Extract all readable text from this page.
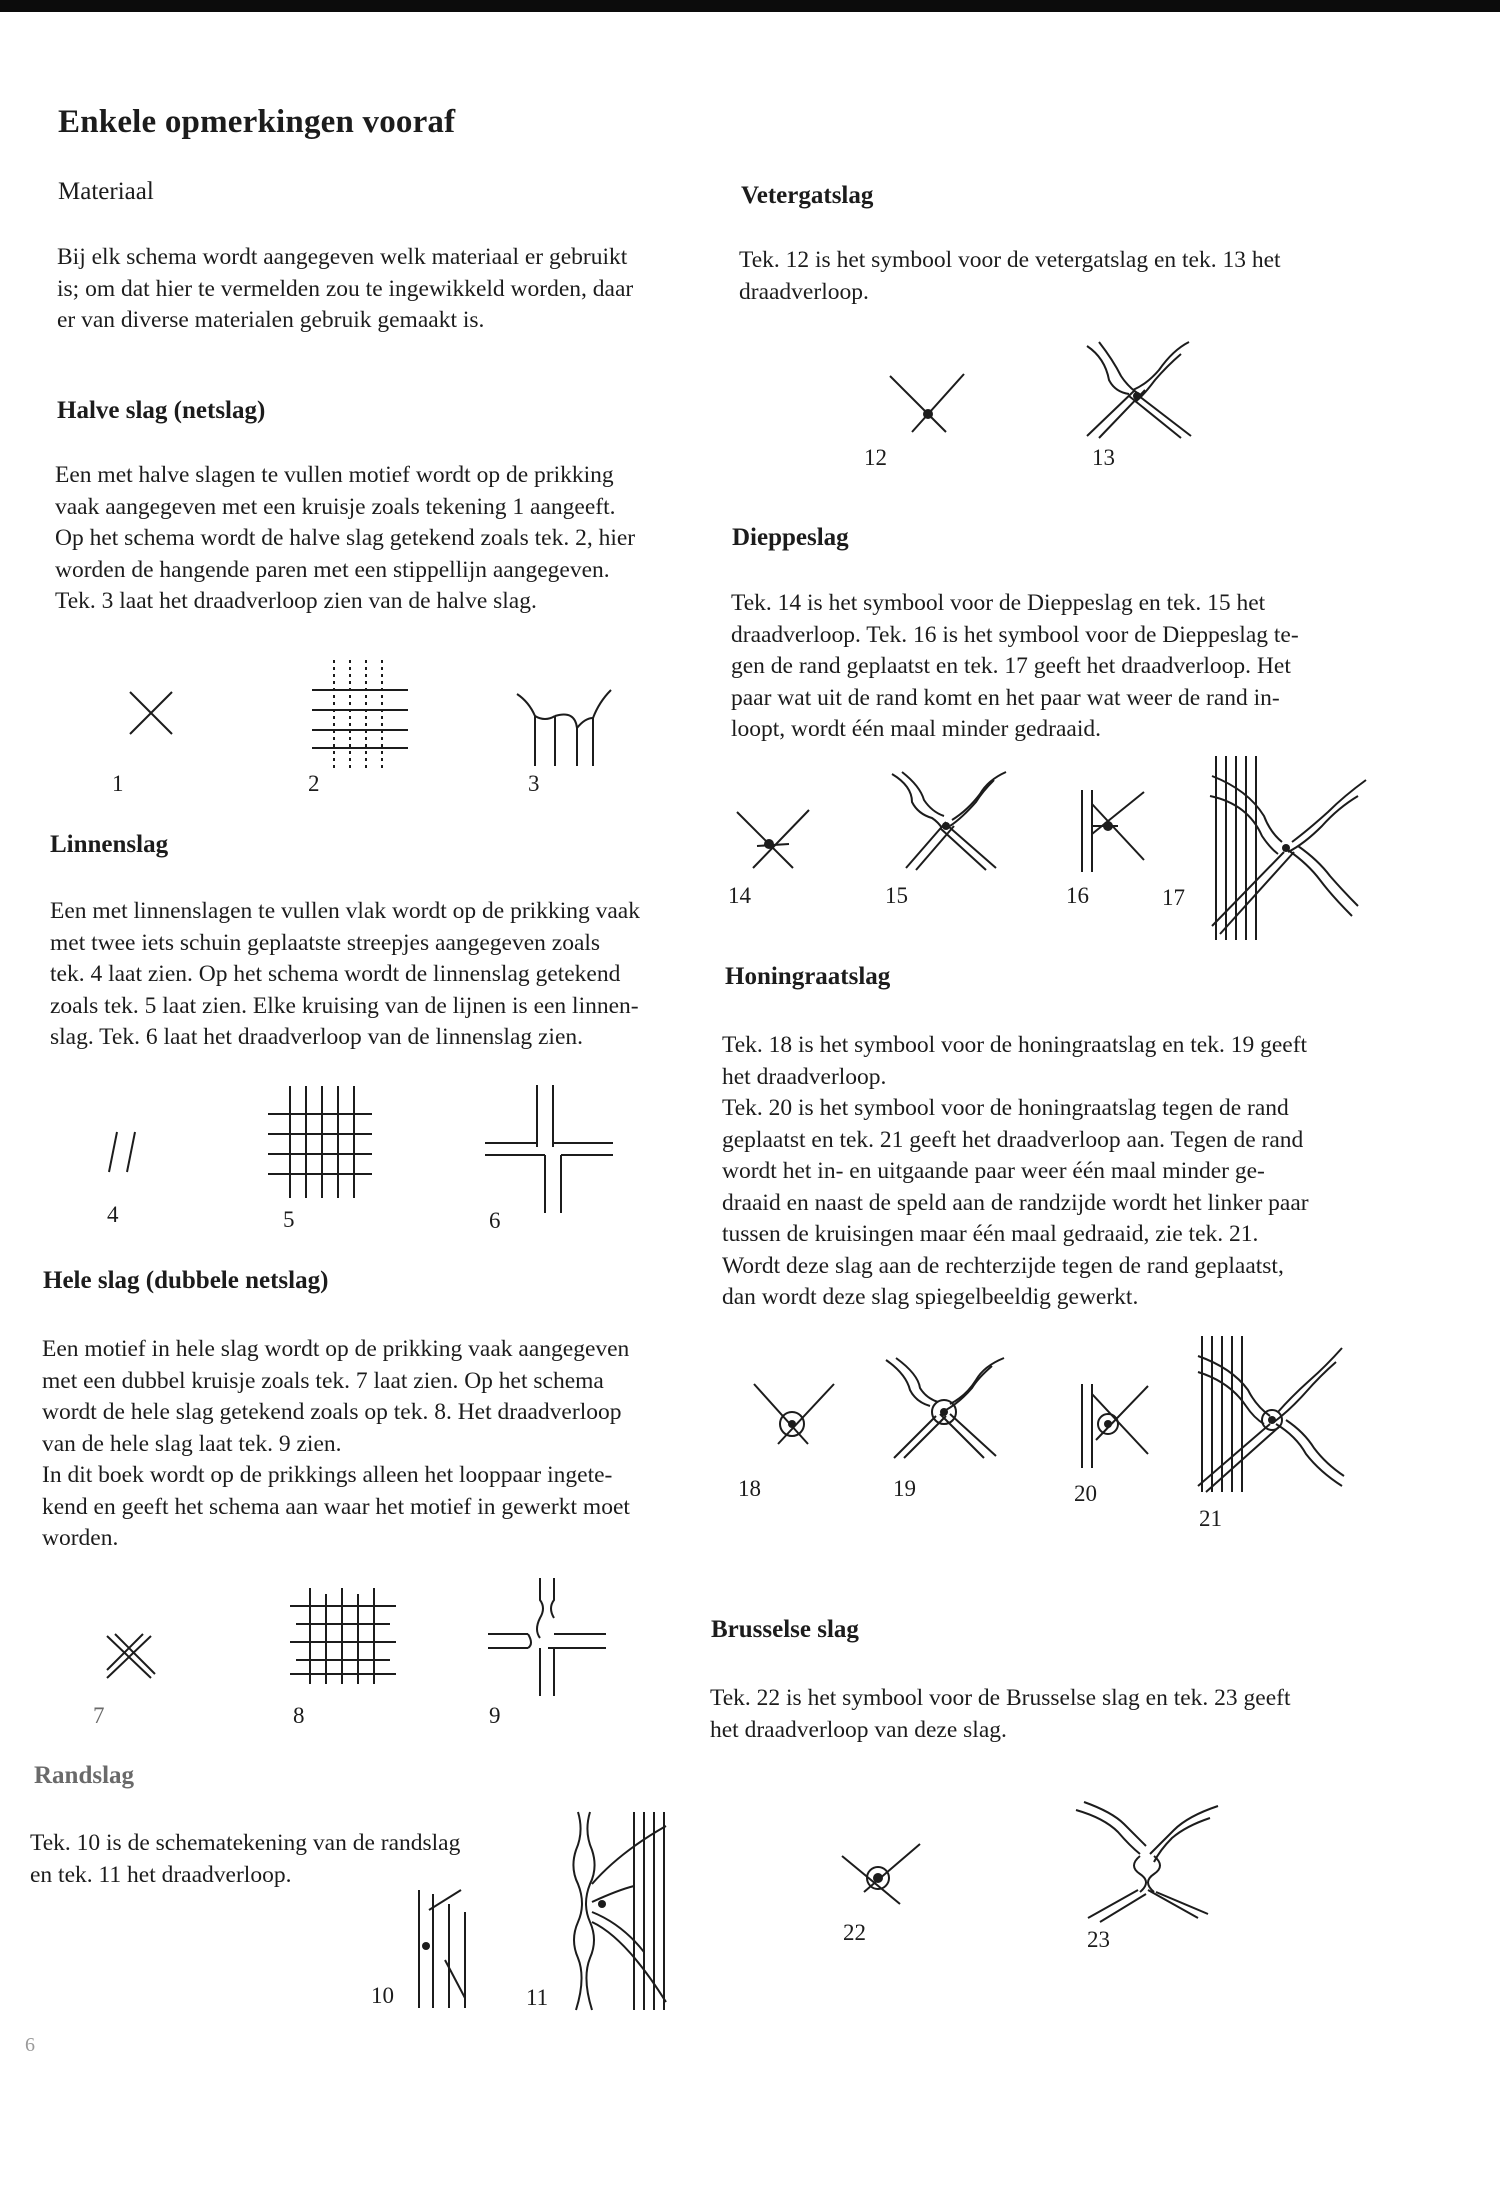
Enkele opmerkingen vooraf
Materiaal
Bij elk schema wordt aangegeven welk materiaal er gebruikt
is; om dat hier te vermelden zou te ingewikkeld worden, daar
er van diverse materialen gebruik gemaakt is.
Halve slag (netslag)
Een met halve slagen te vullen motief wordt op de prikking
vaak aangegeven met een kruisje zoals tekening 1 aangeeft.
Op het schema wordt de halve slag getekend zoals tek. 2, hier
worden de hangende paren met een stippellijn aangegeven.
Tek. 3 laat het draadverloop zien van de halve slag.
1	2	3
Linnenslag
Een met linnenslagen te vullen vlak wordt op de prikking vaak
met twee iets schuin geplaatste streepjes aangegeven zoals
tek. 4 laat zien. Op het schema wordt de linnenslag getekend
zoals tek. 5 laat zien. Elke kruising van de lijnen is een linnen-
slag. Tek. 6 laat het draadverloop van de linnenslag zien.
4	5	6
Hele slag (dubbele netslag)
Een motief in hele slag wordt op de prikking vaak aangegeven
met een dubbel kruisje zoals tek. 7 laat zien. Op het schema
wordt de hele slag getekend zoals op tek. 8. Het draadverloop
van de hele slag laat tek. 9 zien.
In dit boek wordt op de prikkings alleen het looppaar ingete-
kend en geeft het schema aan waar het motief in gewerkt moet
worden.
7	8	9
Randslag
Tek. 10 is de schematekening van de randslag
en tek. 11 het draadverloop.
10	11
6
Vetergatslag
Tek. 12 is het symbool voor de vetergatslag en tek. 13 het
draadverloop.
12	13
Dieppeslag
Tek. 14 is het symbool voor de Dieppeslag en tek. 15 het
draadverloop. Tek. 16 is het symbool voor de Dieppeslag te-
gen de rand geplaatst en tek. 17 geeft het draadverloop. Het
paar wat uit de rand komt en het paar wat weer de rand in-
loopt, wordt één maal minder gedraaid.
14	15	16	17
Honingraatslag
Tek. 18 is het symbool voor de honingraatslag en tek. 19 geeft
het draadverloop.
Tek. 20 is het symbool voor de honingraatslag tegen de rand
geplaatst en tek. 21 geeft het draadverloop aan. Tegen de rand
wordt het in- en uitgaande paar weer één maal minder ge-
draaid en naast de speld aan de randzijde wordt het linker paar
tussen de kruisingen maar één maal gedraaid, zie tek. 21.
Wordt deze slag aan de rechterzijde tegen de rand geplaatst,
dan wordt deze slag spiegelbeeldig gewerkt.
18	19	20
21
Brusselse slag
Tek. 22 is het symbool voor de Brusselse slag en tek. 23 geeft
het draadverloop van deze slag.
22	23
